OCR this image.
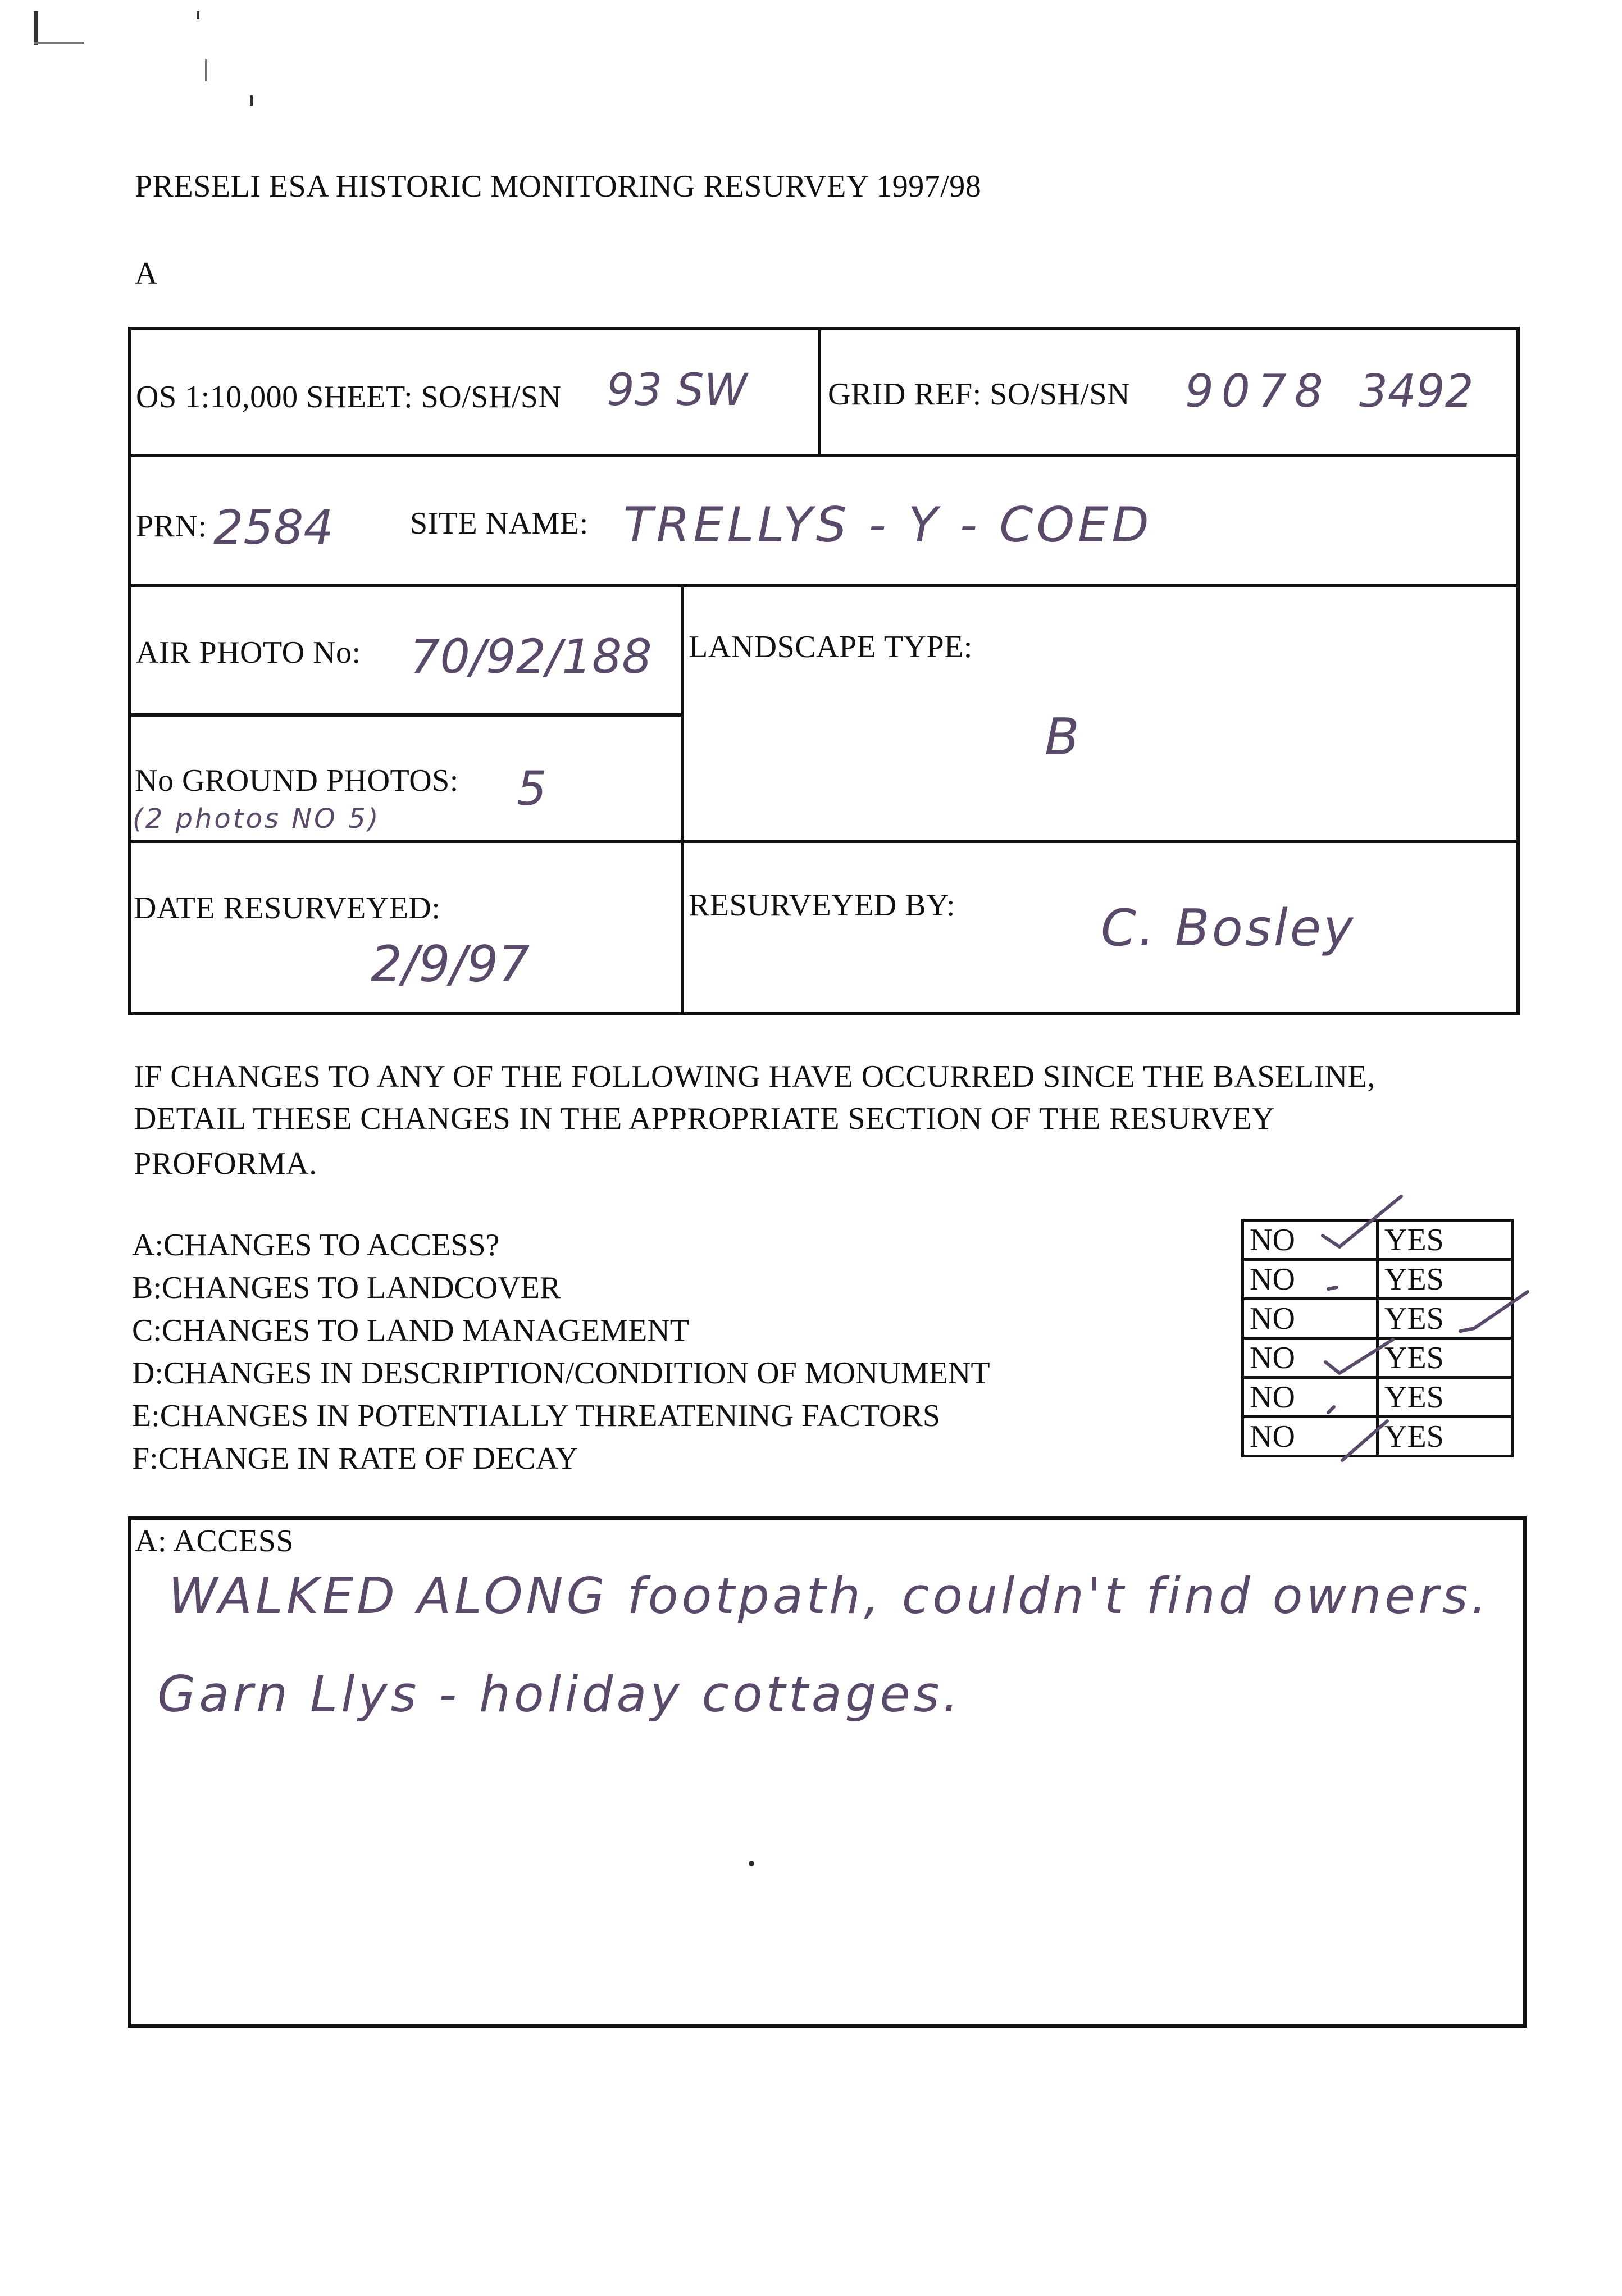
PRESELI ESA HISTORIC MONITORING RESURVEY 1997/98
A
OS 1:10,000 SHEET: SO/SH/SN 93 SW	GRID REF: SO/SH/SN 9078 3492
PRN: 2584 SITE NAME: TRELLYS - Y - COED
AIR PHOTO No: 70/92/188 LANDSCAPE TYPE:
B
No GROUND PHOTOS: 5
(2 photos NO 5)
DATE RESURVEYED:
2/9/97
RESURVEYED BY:	C. Bosley
IF CHANGES TO ANY OF THE FOLLOWING HAVE OCCURRED SINCE THE BASELINE,
DETAIL THESE CHANGES IN THE APPROPRIATE SECTION OF THE RESURVEY
PROFORMA.
A:CHANGES TO ACCESS?
B:CHANGES TO LANDCOVER
C:CHANGES TO LAND MANAGEMENT
D:CHANGES IN DESCRIPTION/CONDITION OF MONUMENT
E:CHANGES IN POTENTIALLY THREATENING FACTORS
F:CHANGE IN RATE OF DECAY
NO	YES
NO	YES
NO	YES
NO	YES
NO	YES
NO	YES
A: ACCESS
WALKED ALONG footpath, couldn't find owners.
Garn Llys - holiday cottages.
